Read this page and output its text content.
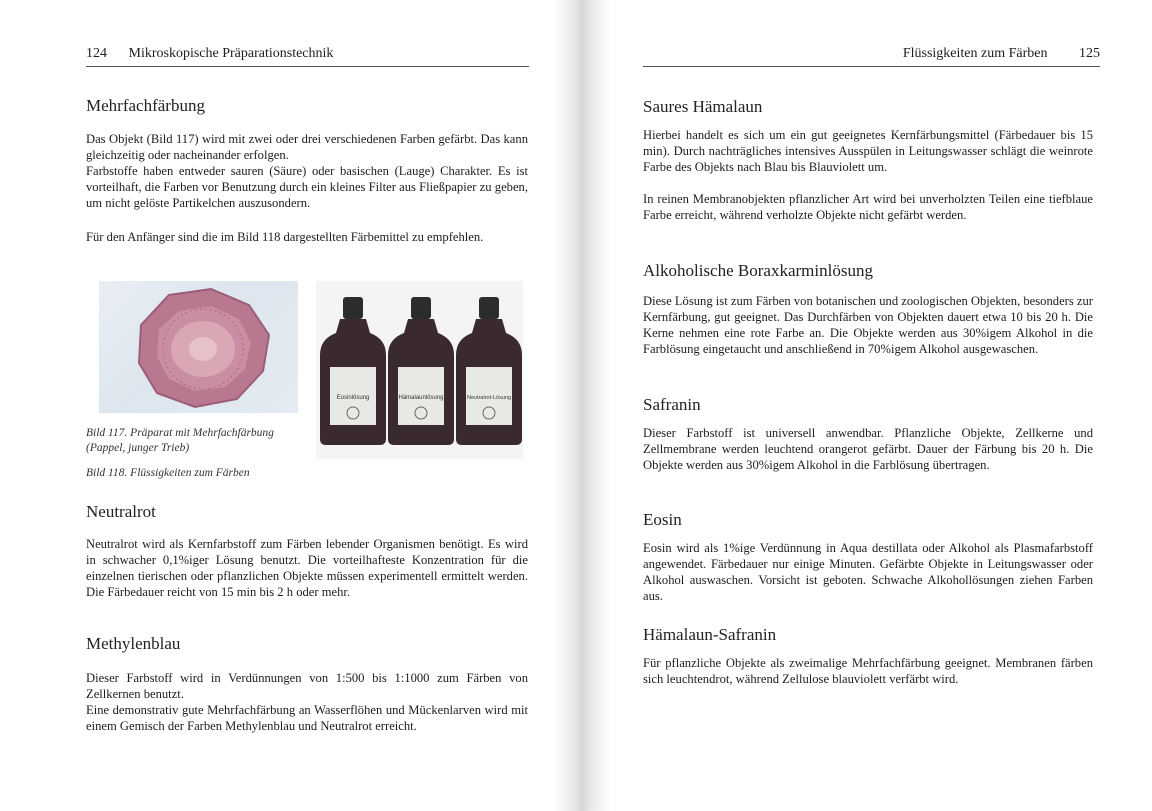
124 Mikroskopische Präparationstechnik
Mehrfachfärbung

Das Objekt (Bild 117) wird mit zwei oder drei verschiedenen Farben gefärbt. Das kann gleichzeitig oder nacheinander erfolgen.

Farbstoffe haben entweder sauren (Säure) oder basischen (Lauge) Charakter. Es ist vorteilhaft, die Farben vor Benutzung durch ein kleines Filter aus Fließpapier zu geben, um nicht gelöste Partikelchen auszusondern.

Für den Anfänger sind die im Bild 118 dargestellten Färbemittel zu empfehlen.

Eosinlösung	Hämalaunlösung	Neutralrot-Lösung

Bild 117. Präparat mit Mehrfachfärbung

(Pappel, junger Trieb)

Bild 118. Flüssigkeiten zum Färben

Neutralrot

Neutralrot wird als Kernfarbstoff zum Färben lebender Organismen benötigt. Es wird in schwacher 0,1%iger Lösung benutzt. Die vorteilhafteste Konzentration für die einzelnen tierischen oder pflanzlichen Objekte müssen experimentell ermittelt werden. Die Färbedauer reicht von 15 min bis 2 h oder mehr.

Methylenblau

Dieser Farbstoff wird in Verdünnungen von 1:500 bis 1:1000 zum Färben von Zellkernen benutzt.

Eine demonstrativ gute Mehrfachfärbung an Wasserflöhen und Mückenlarven wird mit einem Gemisch der Farben Methylenblau und Neutralrot erreicht.

Flüssigkeiten zum Färben 125
Saures Hämalaun

Hierbei handelt es sich um ein gut geeignetes Kernfärbungsmittel (Färbedauer bis 15 min). Durch nachträgliches intensives Ausspülen in Leitungswasser schlägt die weinrote Farbe des Objekts nach Blau bis Blauviolett um.

In reinen Membranobjekten pflanzlicher Art wird bei unverholzten Teilen eine tiefblaue Farbe erreicht, während verholzte Objekte nicht gefärbt werden.

Alkoholische Boraxkarminlösung

Diese Lösung ist zum Färben von botanischen und zoologischen Objekten, besonders zur Kernfärbung, gut geeignet. Das Durchfärben von Objekten dauert etwa 10 bis 20 h. Die Kerne nehmen eine rote Farbe an. Die Objekte werden aus 30%igem Alkohol in die Farblösung eingetaucht und anschließend in 70%igem Alkohol ausgewaschen.

Safranin

Dieser Farbstoff ist universell anwendbar. Pflanzliche Objekte, Zellkerne und Zellmembrane werden leuchtend orangerot gefärbt. Dauer der Färbung bis 20 h. Die Objekte werden aus 30%igem Alkohol in die Farblösung übertragen.

Eosin

Eosin wird als 1%ige Verdünnung in Aqua destillata oder Alkohol als Plasmafarbstoff angewendet. Färbedauer nur einige Minuten. Gefärbte Objekte in Leitungswasser oder Alkohol auswaschen. Vorsicht ist geboten. Schwache Alkohollösungen ziehen Farben aus.

Hämalaun-Safranin

Für pflanzliche Objekte als zweimalige Mehrfachfärbung geeignet. Membranen färben sich leuchtendrot, während Zellulose blauviolett verfärbt wird.
